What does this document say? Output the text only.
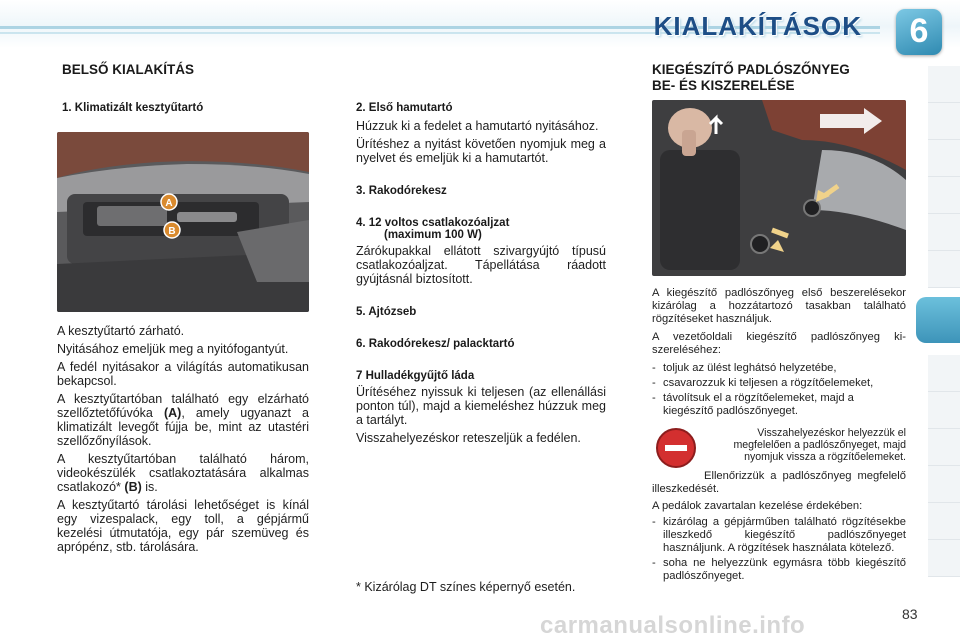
KIALAKÍTÁSOK	6
BELSŐ KIALAKÍTÁS
1. Klimatizált kesztyűtartó
A
B
A kesztyűtartó zárható.
Nyitásához emeljük meg a nyitófogantyút.
A fedél nyitásakor a világítás automatikusan bekapcsol.
A kesztyűtartóban található egy elzárható szellőztetőfúvóka (A), amely ugyanazt a klimatizált levegőt fújja be, mint az utastéri szellőzőnyílások.
A kesztyűtartóban található három, videokészülék csatlakoztatására alkalmas csatlakozó* (B) is.
A kesztyűtartó tárolási lehetőséget is kínál egy vizespalack, egy toll, a gépjármű kezelési útmutatója, egy pár szemüveg és aprópénz, stb. tárolására.
2. Első hamutartó
Húzzuk ki a fedelet a hamutartó nyitásához.
Ürítéshez a nyitást követően nyomjuk meg a nyelvet és emeljük ki a hamutartót.
3. Rakodórekesz
4. 12 voltos csatlakozóaljzat
(maximum 100 W)
Zárókupakkal ellátott szivargyújtó típusú csatlakozóaljzat. Tápellátása ráadott gyújtásnál biztosított.
5. Ajtózseb
6. Rakodórekesz/ palacktartó
7 Hulladékgyűjtő láda
Ürítéséhez nyissuk ki teljesen (az ellenállási ponton túl), majd a kiemeléshez húzzuk meg a tartályt.
Visszahelyezéskor reteszeljük a fedélen.
* Kizárólag DT színes képernyő esetén.
KIEGÉSZÍTŐ PADLÓSZŐNYEG
BE- ÉS KISZERELÉSE
A kiegészítő padlószőnyeg első beszerelésekor kizárólag a hozzátartozó tasakban található rögzítéseket használjuk.
A vezetőoldali kiegészítő padlószőnyeg kiszereléséhez:
- toljuk az ülést leghátsó helyzetébe,
- csavarozzuk ki teljesen a rögzítőelemeket,
- távolítsuk el a rögzítőelemeket, majd a kiegészítő padlószőnyeget.
Visszahelyezéskor helyezzük el megfelelően a padlószőnyeget, majd nyomjuk vissza a rögzítőelemeket.
Ellenőrizzük a padlószőnyeg megfelelő illeszkedését.
A pedálok zavartalan kezelése érdekében:
- kizárólag a gépjárműben található rögzítésekbe illeszkedő kiegészítő padlószőnyeget használjunk. A rögzítések használata kötelező.
- soha ne helyezzünk egymásra több kiegészítő padlószőnyeget.
83
carmanualsonline.info
